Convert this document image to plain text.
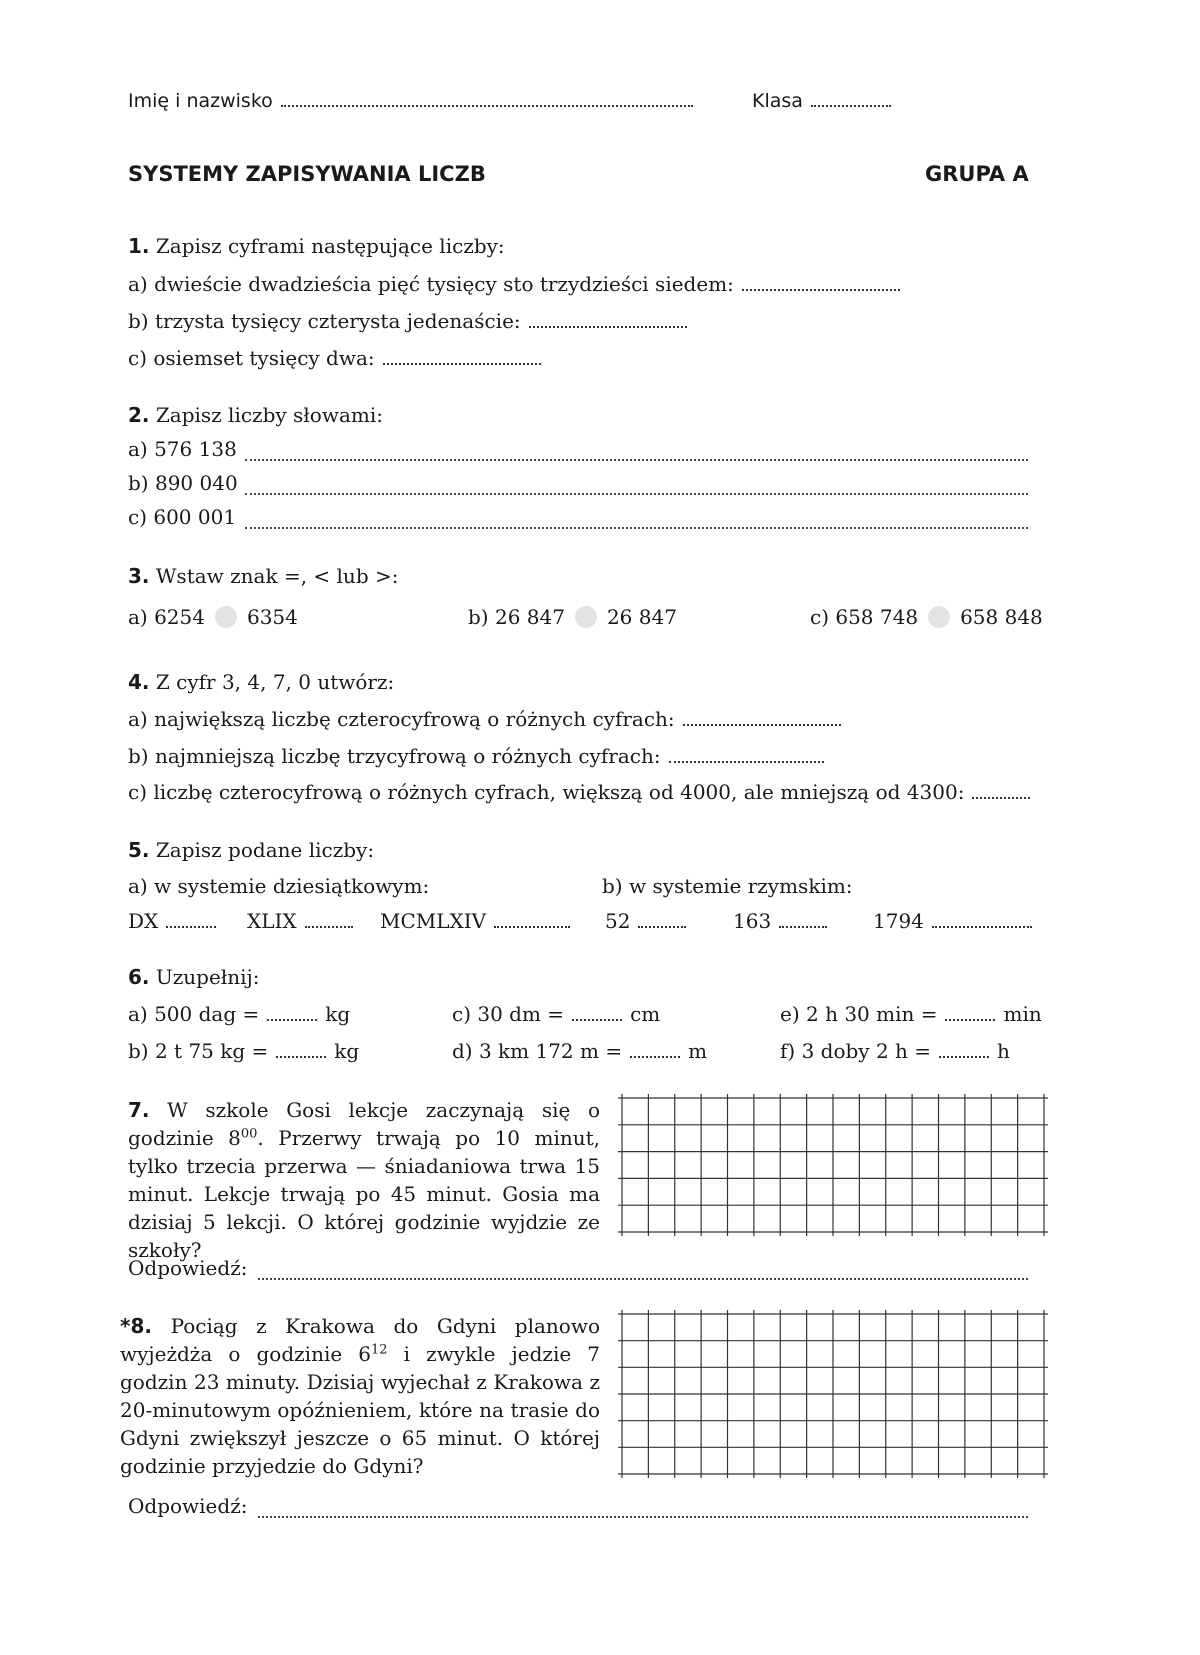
Imię i nazwisko	Klasa
SYSTEMY ZAPISYWANIA LICZB	GRUPA A
1. Zapisz cyframi następujące liczby:
a) dwieście dwadzieścia pięć tysięcy sto trzydzieści siedem:
b) trzysta tysięcy czterysta jedenaście:
c) osiemset tysięcy dwa:
2. Zapisz liczby słowami:
a) 576 138
b) 890 040
c) 600 001
3. Wstaw znak =, < lub >:
a) 6254 6354	b) 26 847 26 847	c) 658 748 658 848
4. Z cyfr 3, 4, 7, 0 utwórz:
a) największą liczbę czterocyfrową o różnych cyfrach:
b) najmniejszą liczbę trzycyfrową o różnych cyfrach:
c) liczbę czterocyfrową o różnych cyfrach, większą od 4000, ale mniejszą od 4300:
5. Zapisz podane liczby:
a) w systemie dziesiątkowym:	b) w systemie rzymskim:
DX	XLIX	MCMLXIV	52	163	1794
6. Uzupełnij:
a) 500 dag =	kg
b) 2 t 75 kg =	kg
c) 30 dm =	cm
d) 3 km 172 m =	m
e) 2 h 30 min =	min
f) 3 doby 2 h =	h
7. W szkole Gosi lekcje zaczynają się o godzinie $8^{00}$. Przerwy trwają po 10 minut, tylko trzecia przerwa — śniadaniowa trwa 15 minut. Lekcje trwają po 45 minut. Gosia ma dzisiaj 5 lekcji. O której godzinie wyjdzie ze szkoły?
Odpowiedź:
*8. Pociąg z Krakowa do Gdyni planowo wyjeżdża o godzinie $6^{12}$ i zwykle jedzie 7 godzin 23 minuty. Dzisiaj wyjechał z Krakowa z 20-minutowym opóźnieniem, które na trasie do Gdyni zwiększył jeszcze o 65 minut. O której godzinie przyjedzie do Gdyni?
Odpowiedź:
